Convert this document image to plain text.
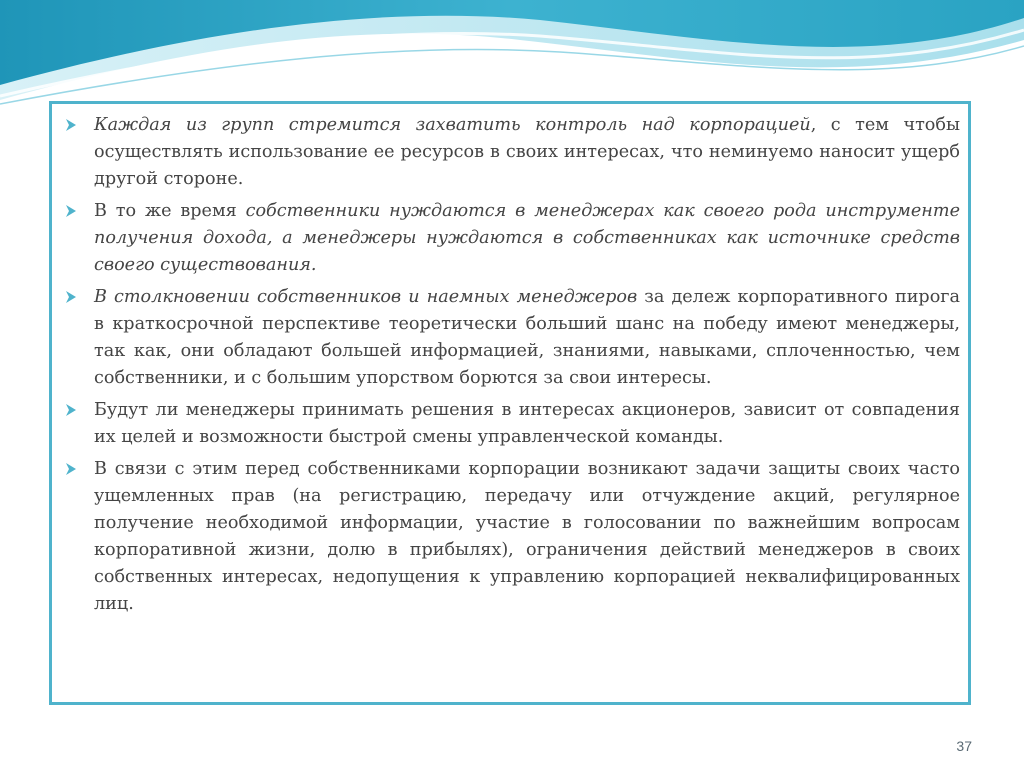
Каждая из групп стремится захватить контроль над корпорацией, с тем чтобы осуществлять использование ее ресурсов в своих интересах, что неминуемо наносит ущерб другой стороне.
В то же время собственники нуждаются в менеджерах как своего рода инструменте получения дохода, а менеджеры нуждаются в собственниках как источнике средств своего существования.
В столкновении собственников и наемных менеджеров за дележ корпоративного пирога в краткосрочной перспективе теоретически больший шанс на победу имеют менеджеры, так как, они обладают большей информацией, знаниями, навыками, сплоченностью, чем собственники, и с большим упорством борются за свои интересы.
Будут ли менеджеры принимать решения в интересах акционеров, зависит от совпадения их целей и возможности быстрой смены управленческой команды.
В связи с этим перед собственниками корпорации возникают задачи защиты своих часто ущемленных прав (на регистрацию, передачу или отчуждение акций, регулярное получение необходимой информации, участие в голосовании по важнейшим вопросам корпоративной жизни, долю в прибылях), ограничения действий менеджеров в своих собственных интересах, недопущения к управлению корпорацией неквалифицированных лиц.
37
